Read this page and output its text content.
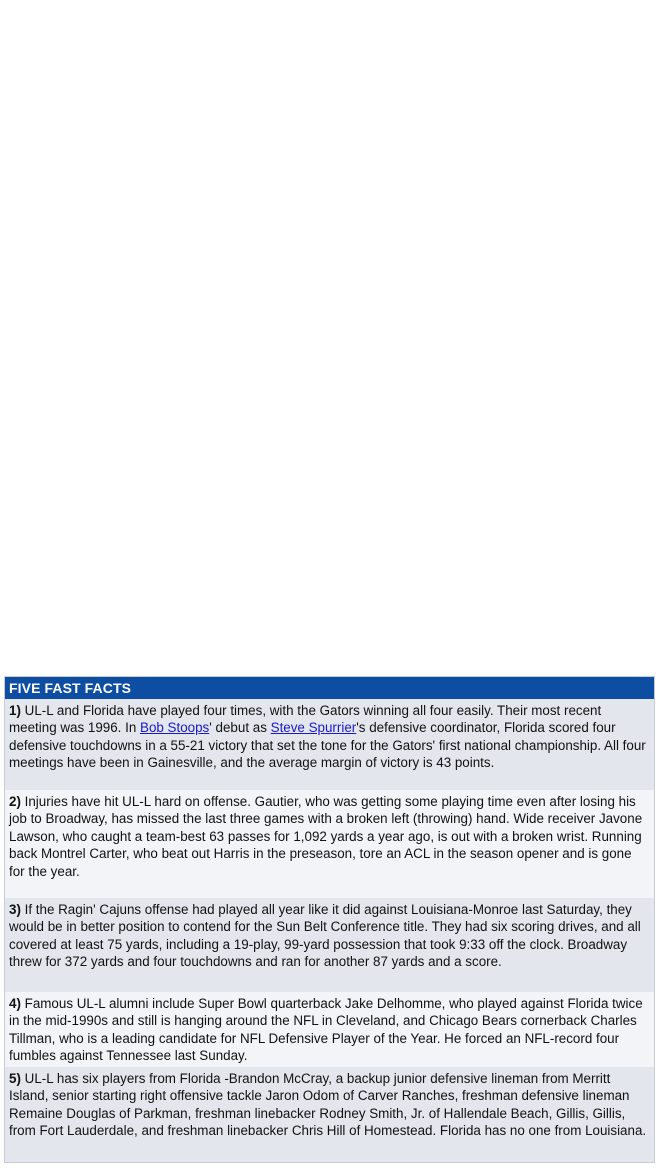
FIVE FAST FACTS
1) UL-L and Florida have played four times, with the Gators winning all four easily. Their most recent meeting was 1996. In Bob Stoops' debut as Steve Spurrier's defensive coordinator, Florida scored four defensive touchdowns in a 55-21 victory that set the tone for the Gators' first national championship. All four meetings have been in Gainesville, and the average margin of victory is 43 points.
2) Injuries have hit UL-L hard on offense. Gautier, who was getting some playing time even after losing his job to Broadway, has missed the last three games with a broken left (throwing) hand. Wide receiver Javone Lawson, who caught a team-best 63 passes for 1,092 yards a year ago, is out with a broken wrist. Running back Montrel Carter, who beat out Harris in the preseason, tore an ACL in the season opener and is gone for the year.
3) If the Ragin' Cajuns offense had played all year like it did against Louisiana-Monroe last Saturday, they would be in better position to contend for the Sun Belt Conference title. They had six scoring drives, and all covered at least 75 yards, including a 19-play, 99-yard possession that took 9:33 off the clock. Broadway threw for 372 yards and four touchdowns and ran for another 87 yards and a score.
4) Famous UL-L alumni include Super Bowl quarterback Jake Delhomme, who played against Florida twice in the mid-1990s and still is hanging around the NFL in Cleveland, and Chicago Bears cornerback Charles Tillman, who is a leading candidate for NFL Defensive Player of the Year. He forced an NFL-record four fumbles against Tennessee last Sunday.
5) UL-L has six players from Florida -Brandon McCray, a backup junior defensive lineman from Merritt Island, senior starting right offensive tackle Jaron Odom of Carver Ranches, freshman defensive lineman Remaine Douglas of Parkman, freshman linebacker Rodney Smith, Jr. of Hallendale Beach, Gillis, Gillis, from Fort Lauderdale, and freshman linebacker Chris Hill of Homestead. Florida has no one from Louisiana.
